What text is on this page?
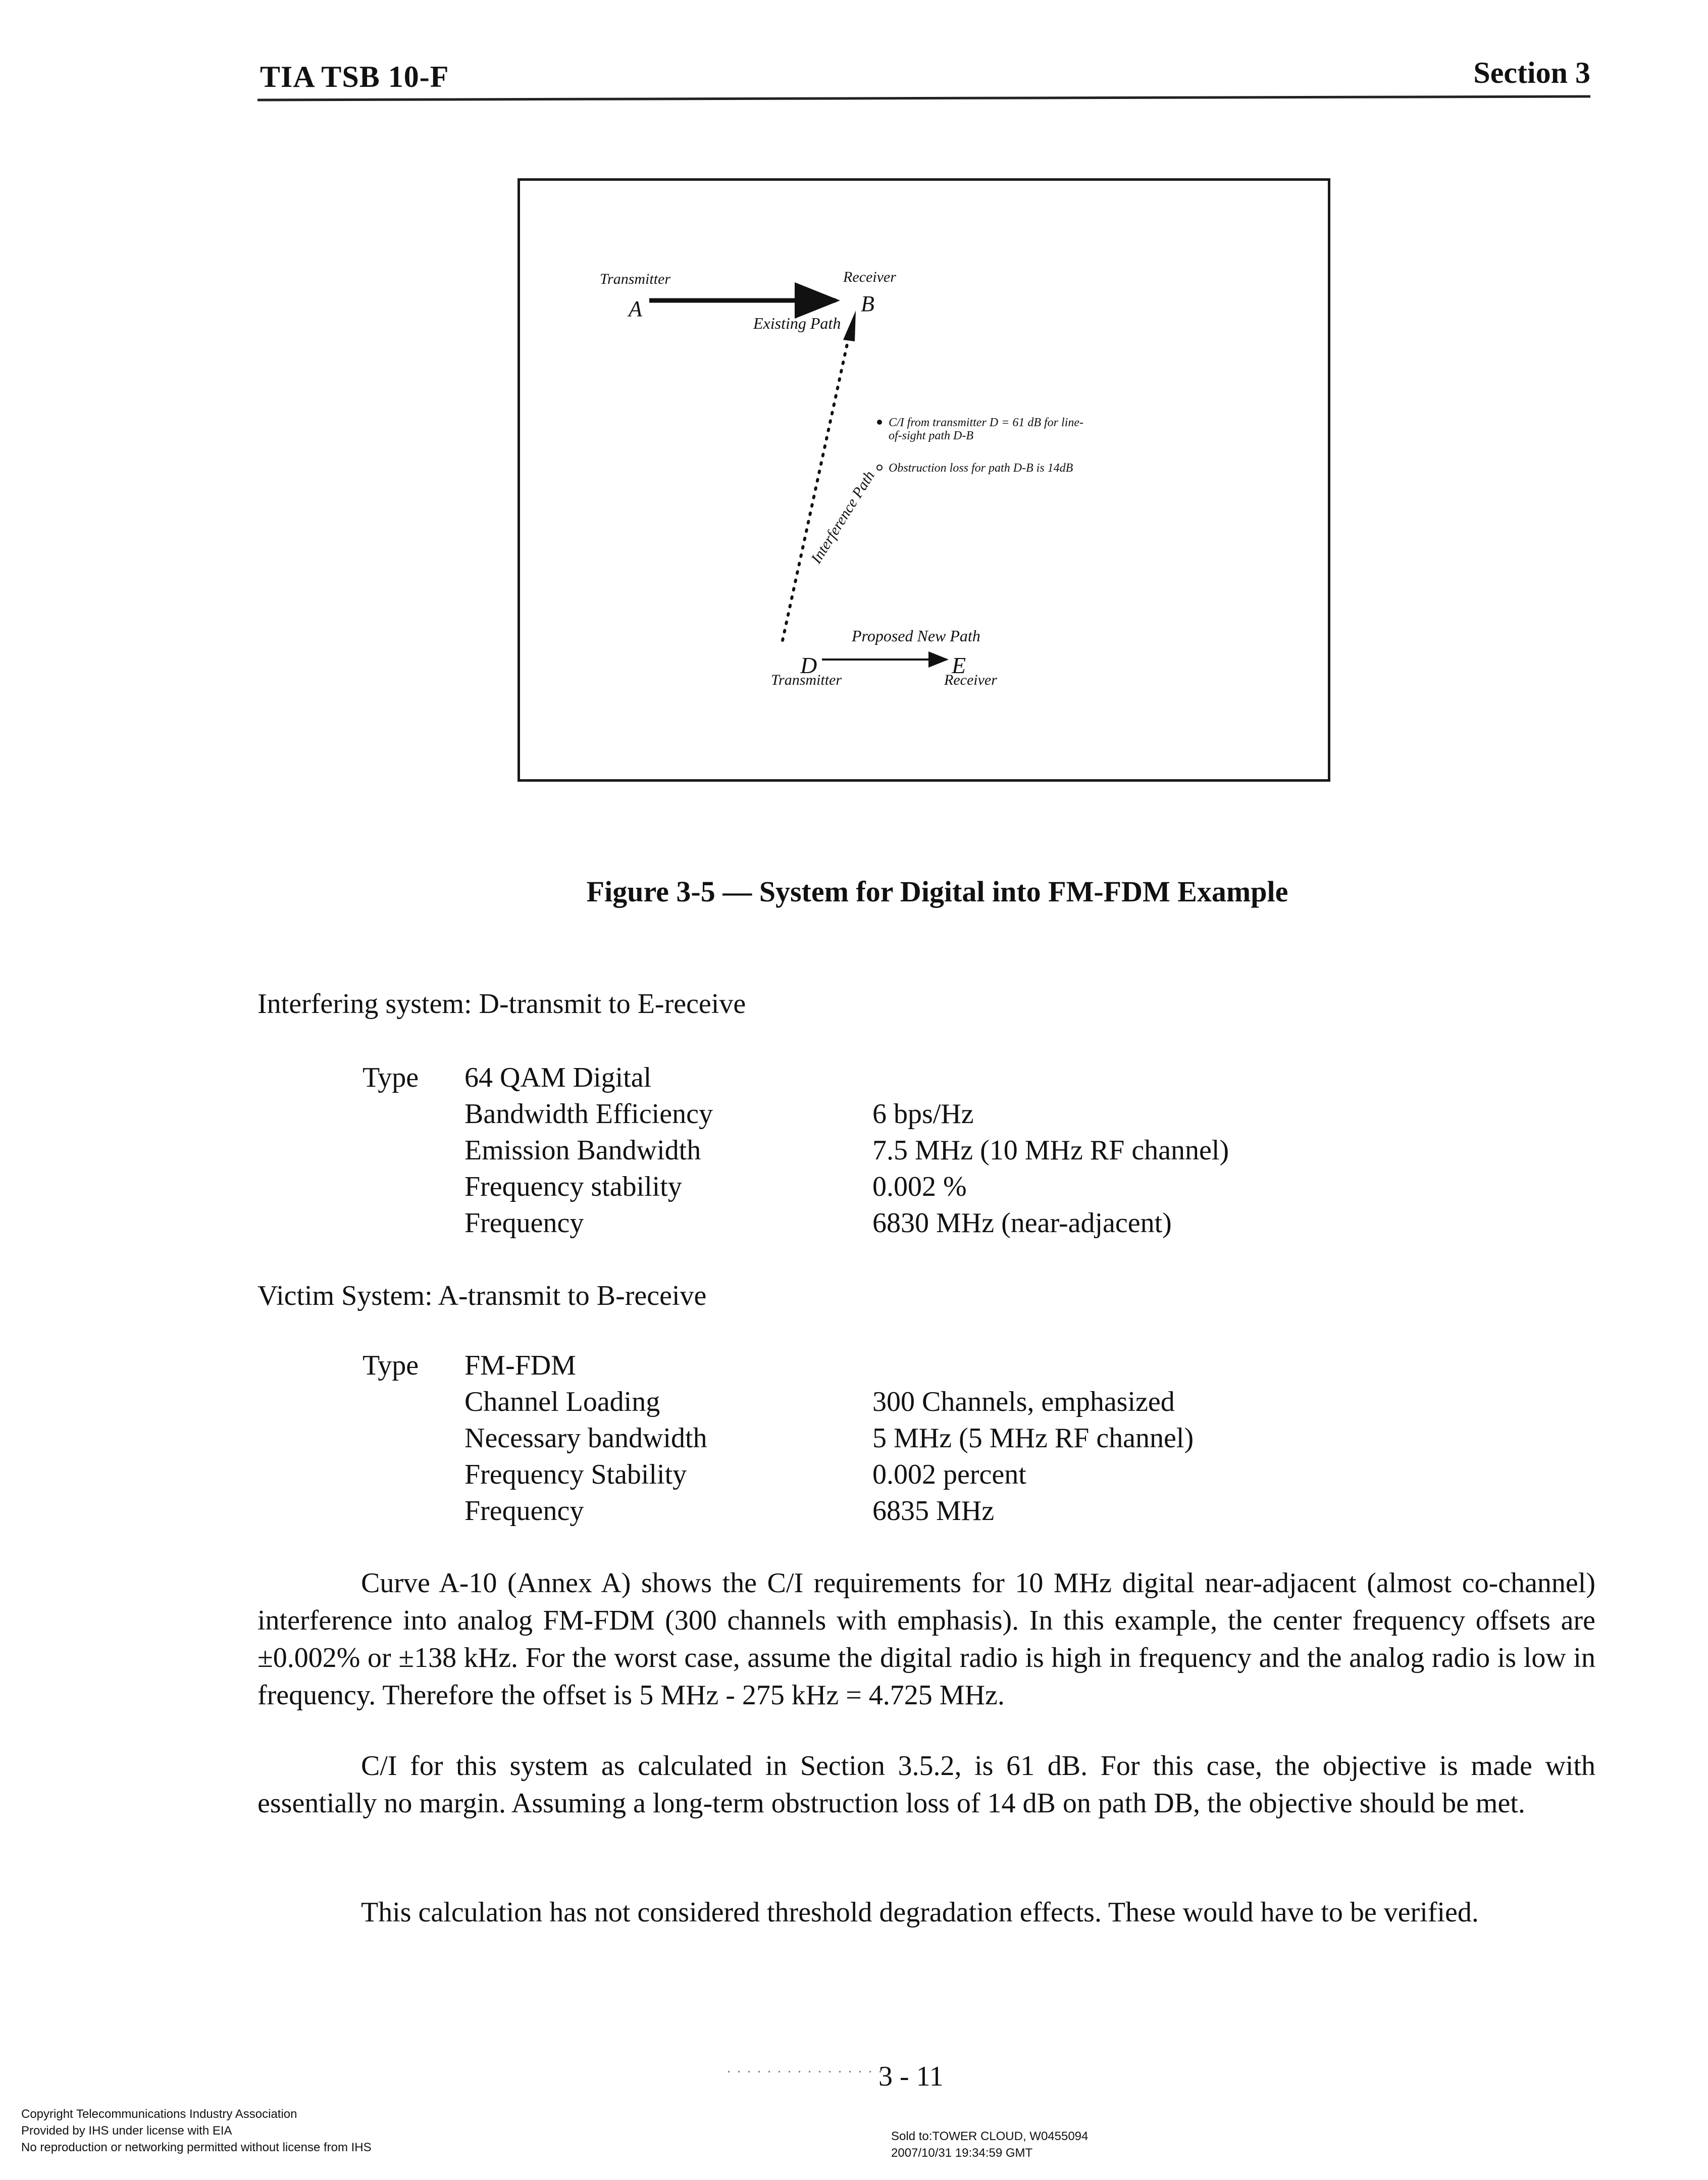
TIA TSB 10-F	Section 3
Transmitter
A
Existing Path
Receiver
B
Interference Path
C/I from transmitter D = 61 dB for line-
of-sight path D-B
Obstruction loss for path D-B is 14dB
Proposed New Path
D
Transmitter
E
Receiver
Figure 3-5 — System for Digital into FM-FDM Example
Interfering system: D-transmit to E-receive
Type 64 QAM Digital
Bandwidth Efficiency	6 bps/Hz
Emission Bandwidth	7.5 MHz (10 MHz RF channel)
Frequency stability	0.002 %
Frequency	6830 MHz (near-adjacent)
Victim System: A-transmit to B-receive
Type FM-FDM
Channel Loading	300 Channels, emphasized
Necessary bandwidth	5 MHz (5 MHz RF channel)
Frequency Stability	0.002 percent
Frequency	6835 MHz
Curve A-10 (Annex A) shows the C/I requirements for 10 MHz digital near-adjacent (almost co-channel) interference into analog FM-FDM (300 channels with emphasis). In this example, the center frequency offsets are ±0.002% or ±138 kHz. For the worst case, assume the digital radio is high in frequency and the analog radio is low in frequency. Therefore the offset is 5 MHz - 275 kHz = 4.725 MHz.
C/I for this system as calculated in Section 3.5.2, is 61 dB. For this case, the objective is made with essentially no margin. Assuming a long-term obstruction loss of 14 dB on path DB, the objective should be met.
This calculation has not considered threshold degradation effects. These would have to be verified.
. . . . . . . . . . . . . . . .
3 - 11
Copyright Telecommunications Industry Association
Provided by IHS under license with EIA
No reproduction or networking permitted without license from IHS
Sold to:TOWER CLOUD, W0455094
2007/10/31 19:34:59 GMT
